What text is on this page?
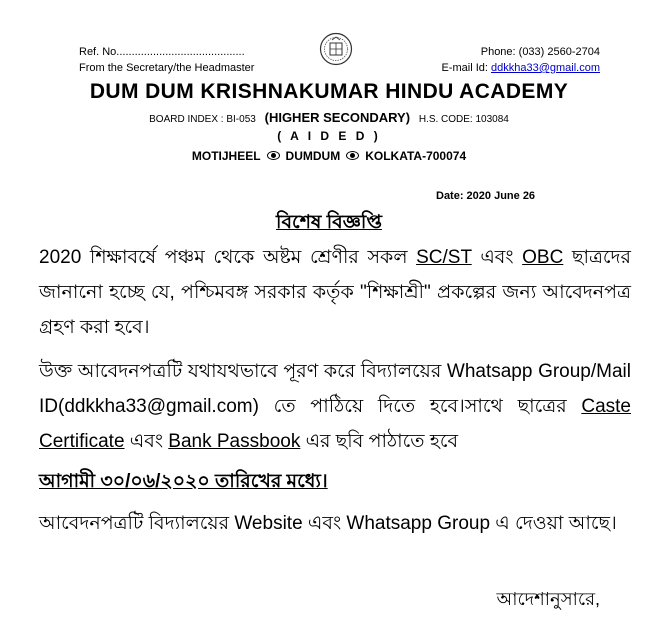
Ref. No..........................................
From the Secretary/the Headmaster
Phone: (033) 2560-2704
E-mail Id: ddkkha33@gmail.com
DUM DUM KRISHNAKUMAR HINDU ACADEMY
BOARD INDEX : BI-053 (HIGHER SECONDARY) H.S. CODE: 103084
( A I D E D )
MOTIJHEEL DUMDUM KOLKATA-700074
Date: 2020 June 26
বিশেষ বিজ্ঞপ্তি
2020 শিক্ষাবর্ষে পঞ্চম থেকে অষ্টম শ্রেণীর সকল SC/ST এবং OBC ছাত্রদের জানানো হচ্ছে যে, পশ্চিমবঙ্গ সরকার কর্তৃক "শিক্ষাশ্রী" প্রকল্পের জন্য আবেদনপত্র গ্রহণ করা হবে।
উক্ত আবেদনপত্রটি যথাযথভাবে পূরণ করে বিদ্যালয়ের Whatsapp Group/Mail ID(ddkkha33@gmail.com) তে পাঠিয়ে দিতে হবে।সাথে ছাত্রের Caste Certificate এবং Bank Passbook এর ছবি পাঠাতে হবে
আগামী ৩০/০৬/২০২০ তারিখের মধ্যে।
আবেদনপত্রটি বিদ্যালয়ের Website এবং Whatsapp Group এ দেওয়া আছে।
আদেশানুসারে,
